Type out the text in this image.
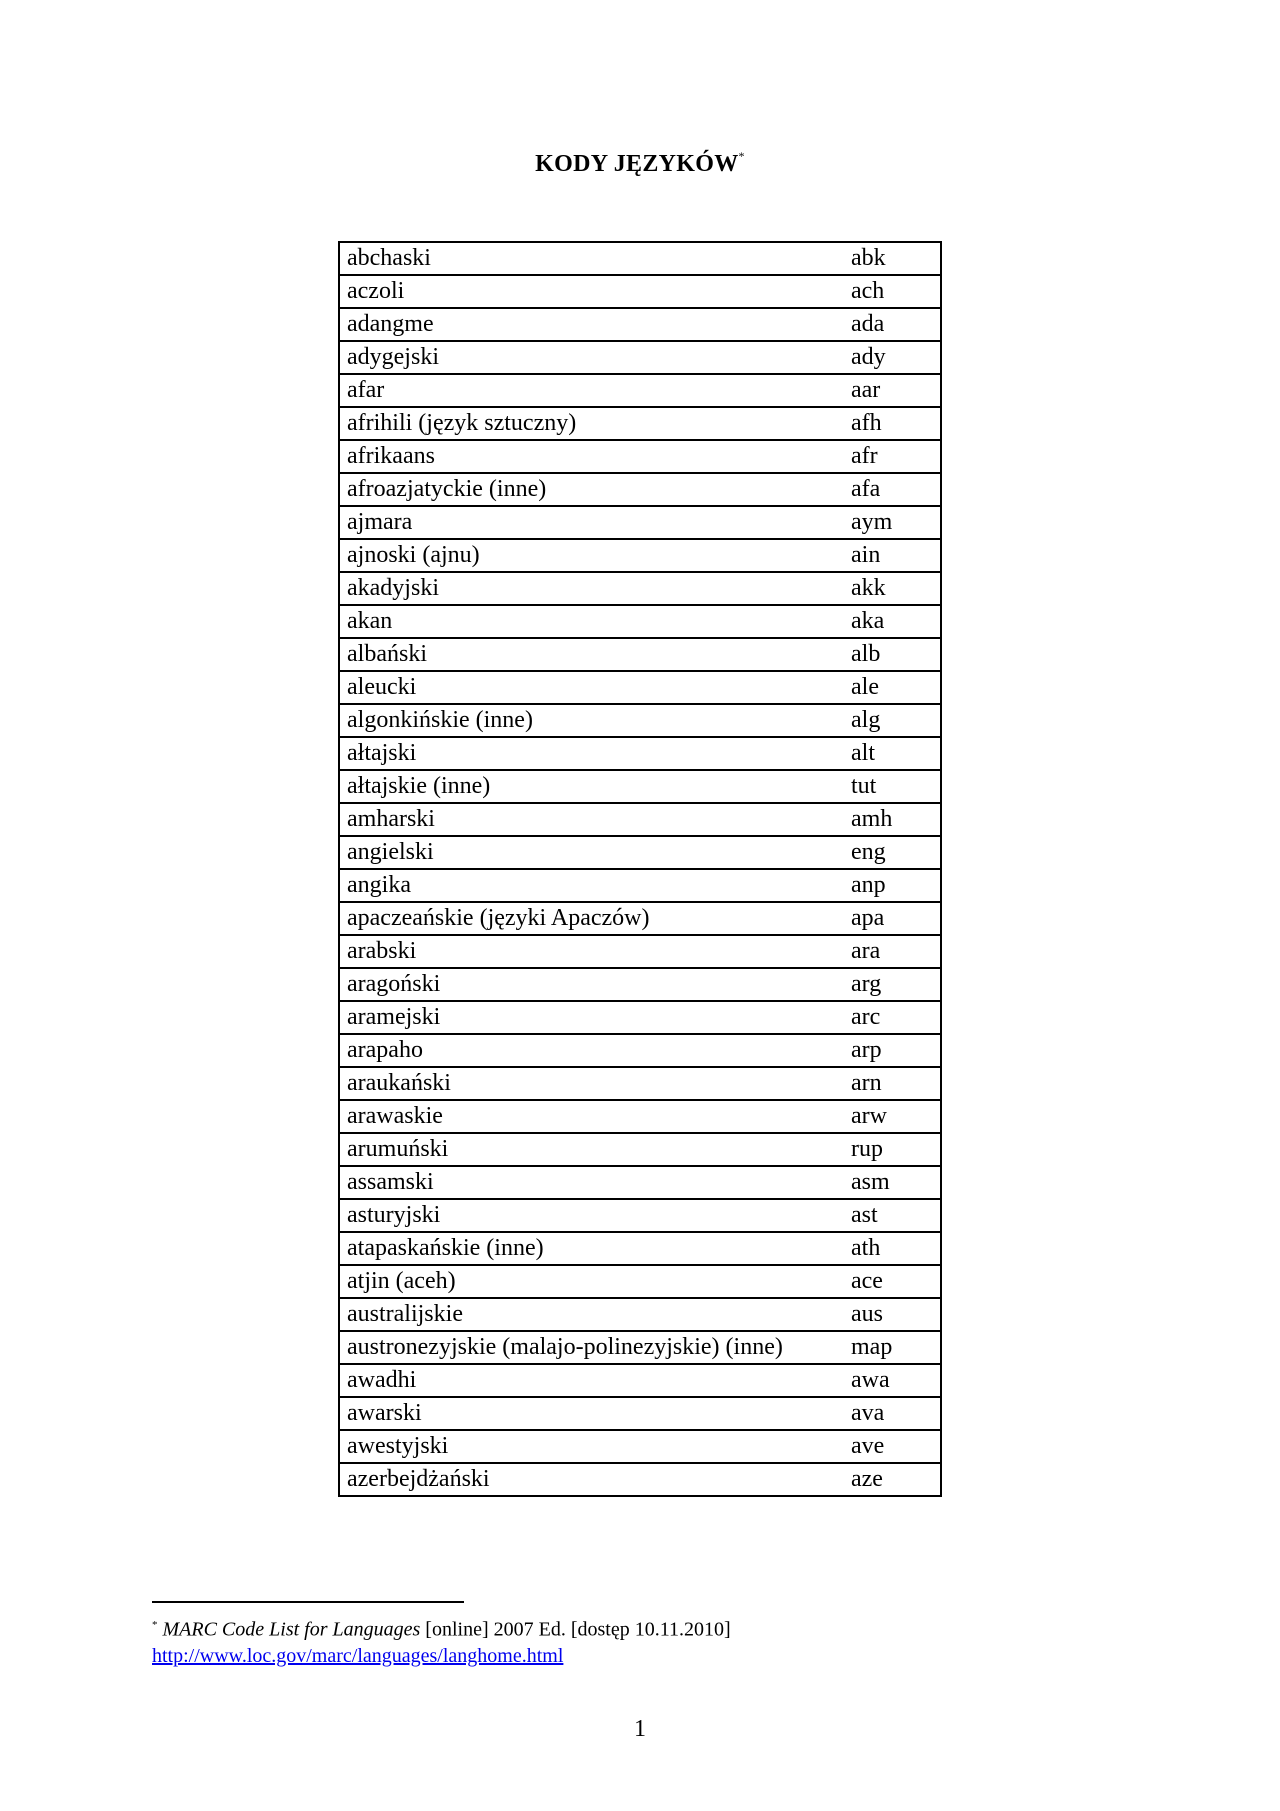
KODY JĘZYKÓW*
abchaski	abk
aczoli	ach
adangme	ada
adygejski	ady
afar	aar
afrihili (język sztuczny)	afh
afrikaans	afr
afroazjatyckie (inne)	afa
ajmara	aym
ajnoski (ajnu)	ain
akadyjski	akk
akan	aka
albański	alb
aleucki	ale
algonkińskie (inne)	alg
ałtajski	alt
ałtajskie (inne)	tut
amharski	amh
angielski	eng
angika	anp
apaczeańskie (języki Apaczów)	apa
arabski	ara
aragoński	arg
aramejski	arc
arapaho	arp
araukański	arn
arawaskie	arw
arumuński	rup
assamski	asm
asturyjski	ast
atapaskańskie (inne)	ath
atjin (aceh)	ace
australijskie	aus
austronezyjskie (malajo-polinezyjskie) (inne)	map
awadhi	awa
awarski	ava
awestyjski	ave
azerbejdżański	aze
* MARC Code List for Languages [online] 2007 Ed. [dostęp 10.11.2010]
http://www.loc.gov/marc/languages/langhome.html
1
